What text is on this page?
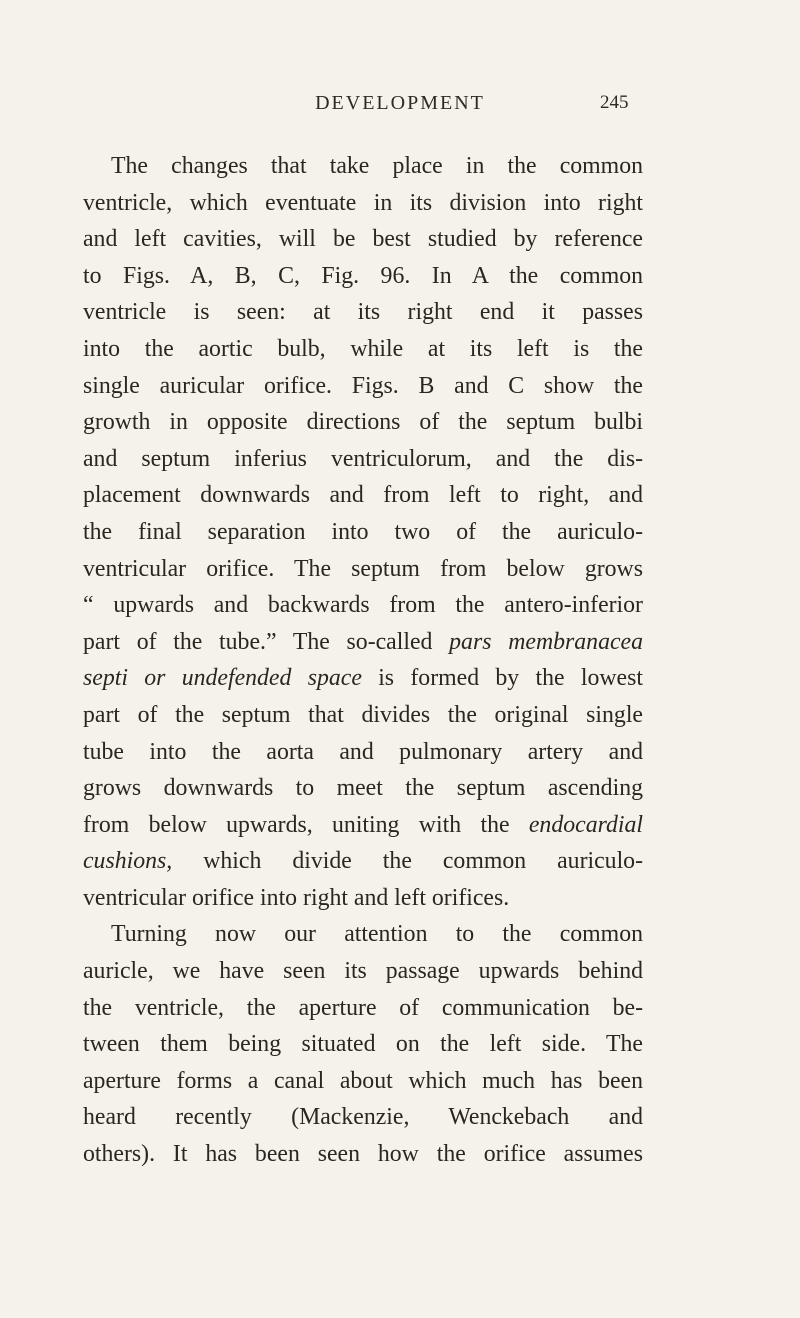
DEVELOPMENT	245
The changes that take place in the common
ventricle, which eventuate in its division into right
and left cavities, will be best studied by reference
to Figs. A, B, C, Fig. 96. In A the common
ventricle is seen: at its right end it passes
into the aortic bulb, while at its left is the
single auricular orifice. Figs. B and C show the
growth in opposite directions of the septum bulbi
and septum inferius ventriculorum, and the dis-
placement downwards and from left to right, and
the final separation into two of the auriculo-
ventricular orifice. The septum from below grows
“ upwards and backwards from the antero-inferior
part of the tube.” The so-called pars membranacea
septi or undefended space is formed by the lowest
part of the septum that divides the original single
tube into the aorta and pulmonary artery and
grows downwards to meet the septum ascending
from below upwards, uniting with the endocardial
cushions, which divide the common auriculo-
ventricular orifice into right and left orifices.
Turning now our attention to the common
auricle, we have seen its passage upwards behind
the ventricle, the aperture of communication be-
tween them being situated on the left side. The
aperture forms a canal about which much has been
heard recently (Mackenzie, Wenckebach and
others). It has been seen how the orifice assumes
